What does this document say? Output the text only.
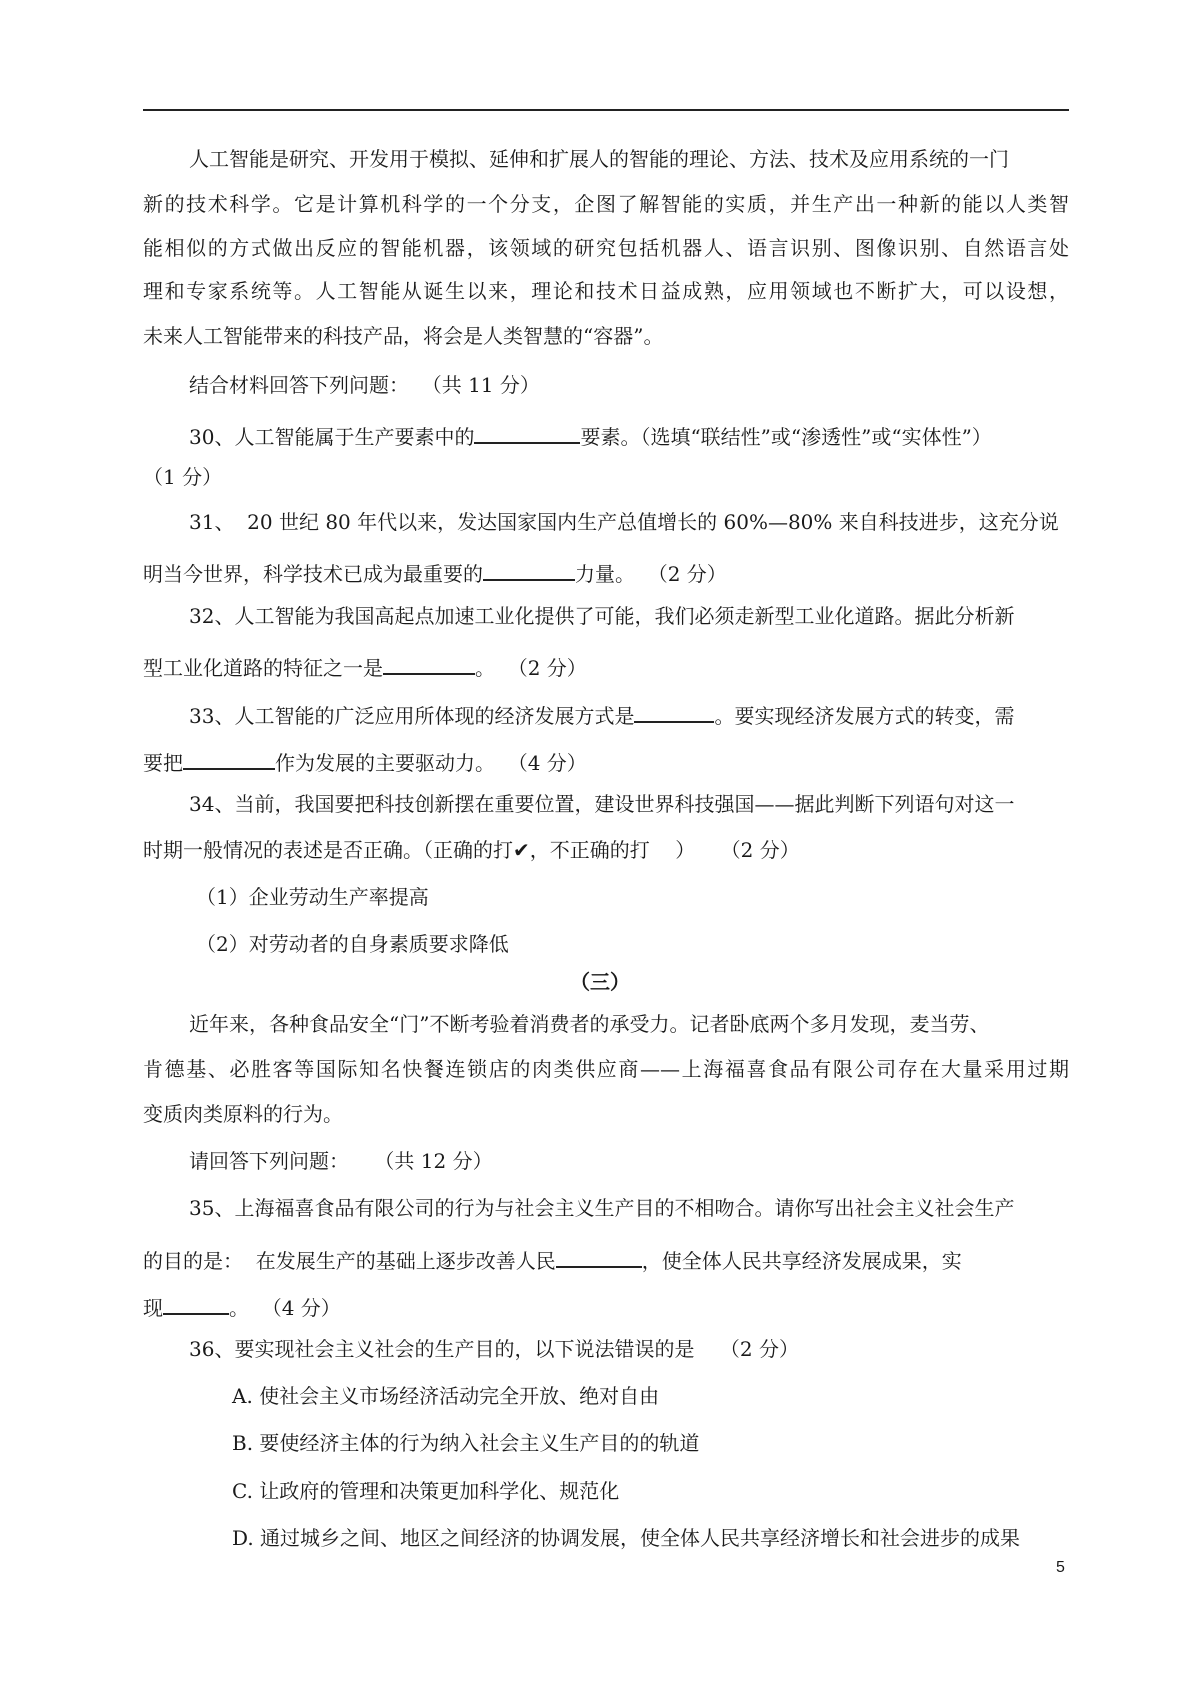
人工智能是研究、开发用于模拟、延伸和扩展人的智能的理论、方法、技术及应用系统的一门
新的技术科学。它是计算机科学的一个分支，企图了解智能的实质，并生产出一种新的能以人类智
能相似的方式做出反应的智能机器，该领域的研究包括机器人、语言识别、图像识别、自然语言处
理和专家系统等。人工智能从诞生以来，理论和技术日益成熟，应用领域也不断扩大，可以设想，
未来人工智能带来的科技产品，将会是人类智慧的“容器”。
结合材料回答下列问题：  （共 11 分）
30、人工智能属于生产要素中的	要素。（选填“联结性”或“渗透性”或“实体性”）
（1 分）
31、  20 世纪 80 年代以来，发达国家国内生产总值增长的 60%—80% 来自科技进步，这充分说
明当今世界，科学技术已成为最重要的	力量。  （2 分）
32、人工智能为我国高起点加速工业化提供了可能，我们必须走新型工业化道路。据此分析新
型工业化道路的特征之一是	。  （2 分）
33、人工智能的广泛应用所体现的经济发展方式是	。要实现经济发展方式的转变，需
要把	作为发展的主要驱动力。  （4 分）
34、当前，我国要把科技创新摆在重要位置，建设世界科技强国——据此判断下列语句对这一
时期一般情况的表述是否正确。（正确的打✔，不正确的打    ）    （2 分）
（1）企业劳动生产率提高
（2）对劳动者的自身素质要求降低
（三）
近年来，各种食品安全“门”不断考验着消费者的承受力。记者卧底两个多月发现，麦当劳、
肯德基、必胜客等国际知名快餐连锁店的肉类供应商——上海福喜食品有限公司存在大量采用过期
变质肉类原料的行为。
请回答下列问题：    （共 12 分）
35、上海福喜食品有限公司的行为与社会主义生产目的不相吻合。请你写出社会主义社会生产
的目的是：  在发展生产的基础上逐步改善人民	，使全体人民共享经济发展成果，实
现	。  （4 分）
36、要实现社会主义社会的生产目的，以下说法错误的是    （2 分）
A. 使社会主义市场经济活动完全开放、绝对自由
B. 要使经济主体的行为纳入社会主义生产目的的轨道
C. 让政府的管理和决策更加科学化、规范化
D. 通过城乡之间、地区之间经济的协调发展，使全体人民共享经济增长和社会进步的成果
5
